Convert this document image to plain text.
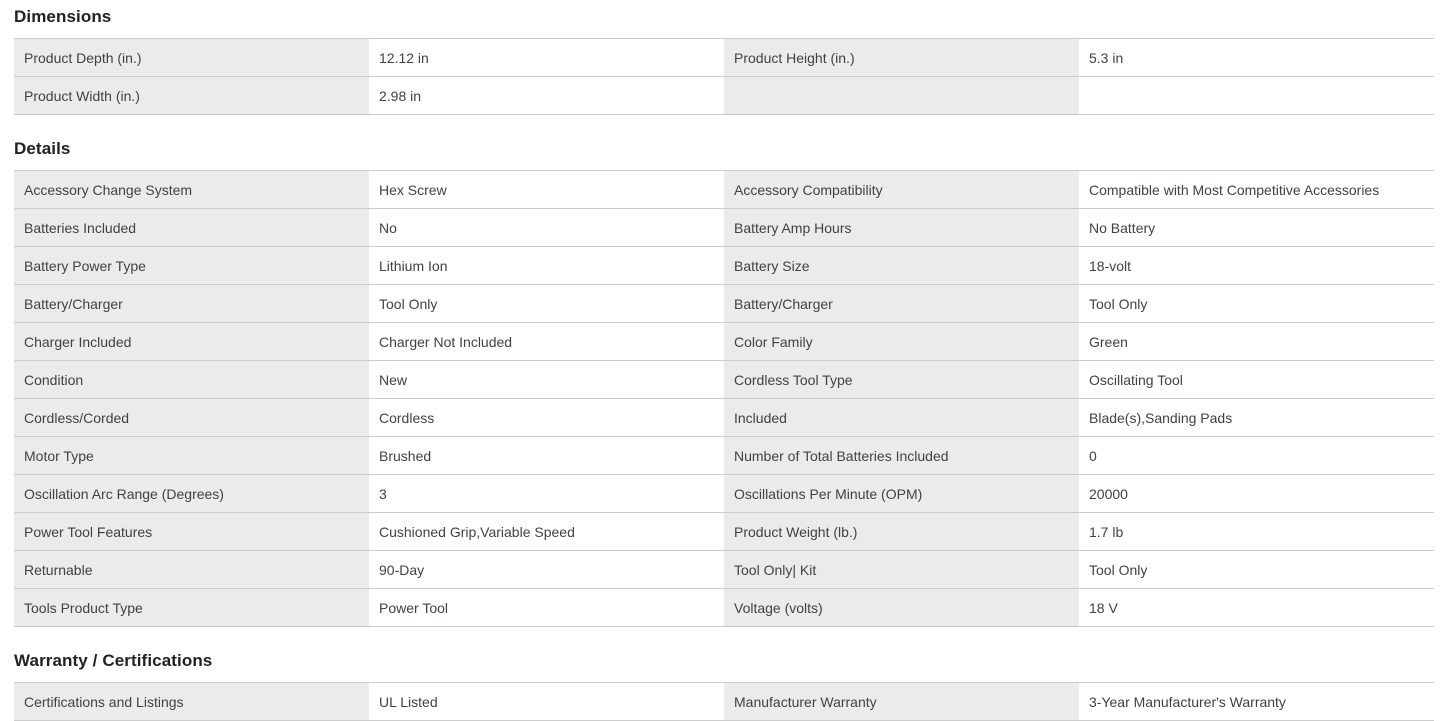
Dimensions
Product Depth (in.)	12.12 in	Product Height (in.)	5.3 in
Product Width (in.)	2.98 in		
Details
Accessory Change System	Hex Screw	Accessory Compatibility	Compatible with Most Competitive Accessories
Batteries Included	No	Battery Amp Hours	No Battery
Battery Power Type	Lithium Ion	Battery Size	18-volt
Battery/Charger	Tool Only	Battery/Charger	Tool Only
Charger Included	Charger Not Included	Color Family	Green
Condition	New	Cordless Tool Type	Oscillating Tool
Cordless/Corded	Cordless	Included	Blade(s),Sanding Pads
Motor Type	Brushed	Number of Total Batteries Included	0
Oscillation Arc Range (Degrees)	3	Oscillations Per Minute (OPM)	20000
Power Tool Features	Cushioned Grip,Variable Speed	Product Weight (lb.)	1.7 lb
Returnable	90-Day	Tool Only| Kit	Tool Only
Tools Product Type	Power Tool	Voltage (volts)	18 V
Warranty / Certifications
Certifications and Listings	UL Listed	Manufacturer Warranty	3-Year Manufacturer's Warranty
